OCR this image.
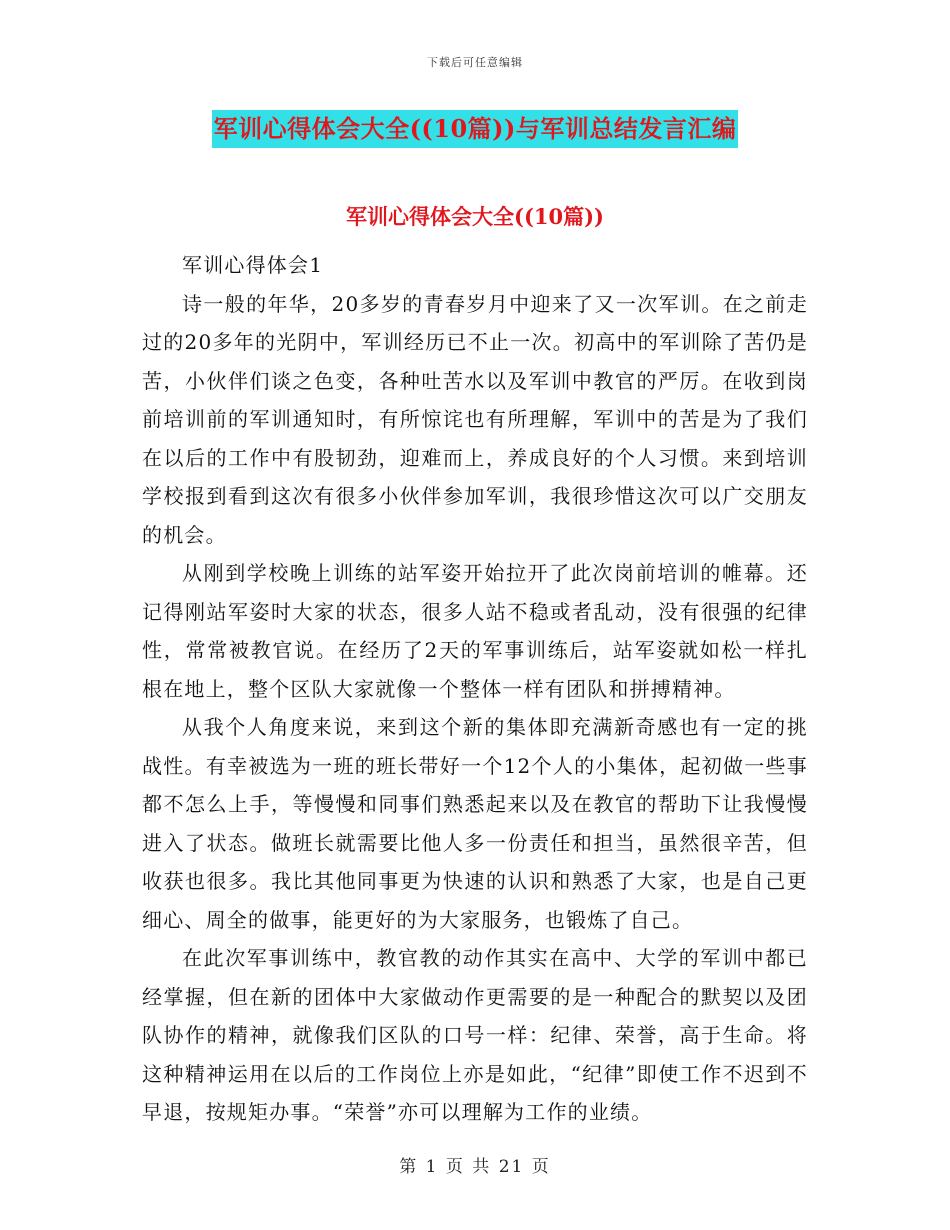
下载后可任意编辑
军训心得体会大全((10篇))与军训总结发言汇编
军训心得体会大全((10篇))

军训心得体会1

诗一般的年华，20多岁的青春岁月中迎来了又一次军训。在之前走过的20多年的光阴中，军训经历已不止一次。初高中的军训除了苦仍是苦，小伙伴们谈之色变，各种吐苦水以及军训中教官的严厉。在收到岗前培训前的军训通知时，有所惊诧也有所理解，军训中的苦是为了我们在以后的工作中有股韧劲，迎难而上，养成良好的个人习惯。来到培训学校报到看到这次有很多小伙伴参加军训，我很珍惜这次可以广交朋友的机会。

从刚到学校晚上训练的站军姿开始拉开了此次岗前培训的帷幕。还记得刚站军姿时大家的状态，很多人站不稳或者乱动，没有很强的纪律性，常常被教官说。在经历了2天的军事训练后，站军姿就如松一样扎根在地上，整个区队大家就像一个整体一样有团队和拼搏精神。

从我个人角度来说，来到这个新的集体即充满新奇感也有一定的挑战性。有幸被选为一班的班长带好一个12个人的小集体，起初做一些事都不怎么上手，等慢慢和同事们熟悉起来以及在教官的帮助下让我慢慢进入了状态。做班长就需要比他人多一份责任和担当，虽然很辛苦，但收获也很多。我比其他同事更为快速的认识和熟悉了大家，也是自己更细心、周全的做事，能更好的为大家服务，也锻炼了自己。

在此次军事训练中，教官教的动作其实在高中、大学的军训中都已经掌握，但在新的团体中大家做动作更需要的是一种配合的默契以及团队协作的精神，就像我们区队的口号一样：纪律、荣誉，高于生命。将这种精神运用在以后的工作岗位上亦是如此，“纪律”即使工作不迟到不早退，按规矩办事。“荣誉”亦可以理解为工作的业绩。

第 1 页 共 21 页
